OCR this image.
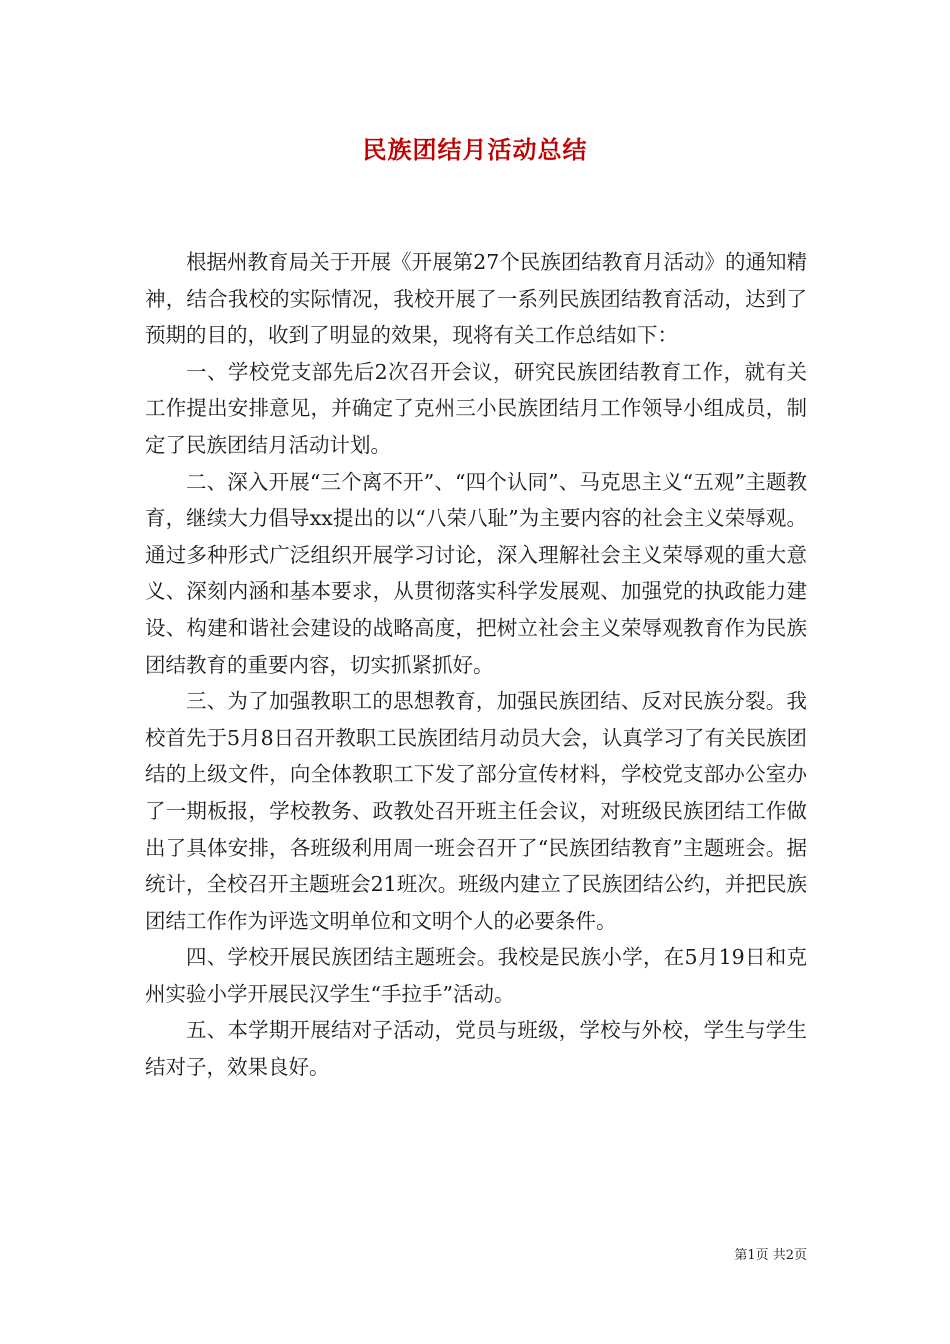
民族团结月活动总结

根据州教育局关于开展《开展第27个民族团结教育月活动》的通知精神，结合我校的实际情况，我校开展了一系列民族团结教育活动，达到了预期的目的，收到了明显的效果，现将有关工作总结如下：

一、学校党支部先后2次召开会议，研究民族团结教育工作，就有关工作提出安排意见，并确定了克州三小民族团结月工作领导小组成员，制定了民族团结月活动计划。

二、深入开展“三个离不开”、“四个认同”、马克思主义“五观”主题教育，继续大力倡导xx提出的以“八荣八耻”为主要内容的社会主义荣辱观。通过多种形式广泛组织开展学习讨论，深入理解社会主义荣辱观的重大意义、深刻内涵和基本要求，从贯彻落实科学发展观、加强党的执政能力建设、构建和谐社会建设的战略高度，把树立社会主义荣辱观教育作为民族团结教育的重要内容，切实抓紧抓好。

三、为了加强教职工的思想教育，加强民族团结、反对民族分裂。我校首先于5月8日召开教职工民族团结月动员大会，认真学习了有关民族团结的上级文件，向全体教职工下发了部分宣传材料，学校党支部办公室办了一期板报，学校教务、政教处召开班主任会议，对班级民族团结工作做出了具体安排，各班级利用周一班会召开了“民族团结教育”主题班会。据统计，全校召开主题班会21班次。班级内建立了民族团结公约，并把民族团结工作作为评选文明单位和文明个人的必要条件。

四、学校开展民族团结主题班会。我校是民族小学，在5月19日和克州实验小学开展民汉学生“手拉手”活动。

五、本学期开展结对子活动，党员与班级，学校与外校，学生与学生结对子，效果良好。

第1页 共2页
